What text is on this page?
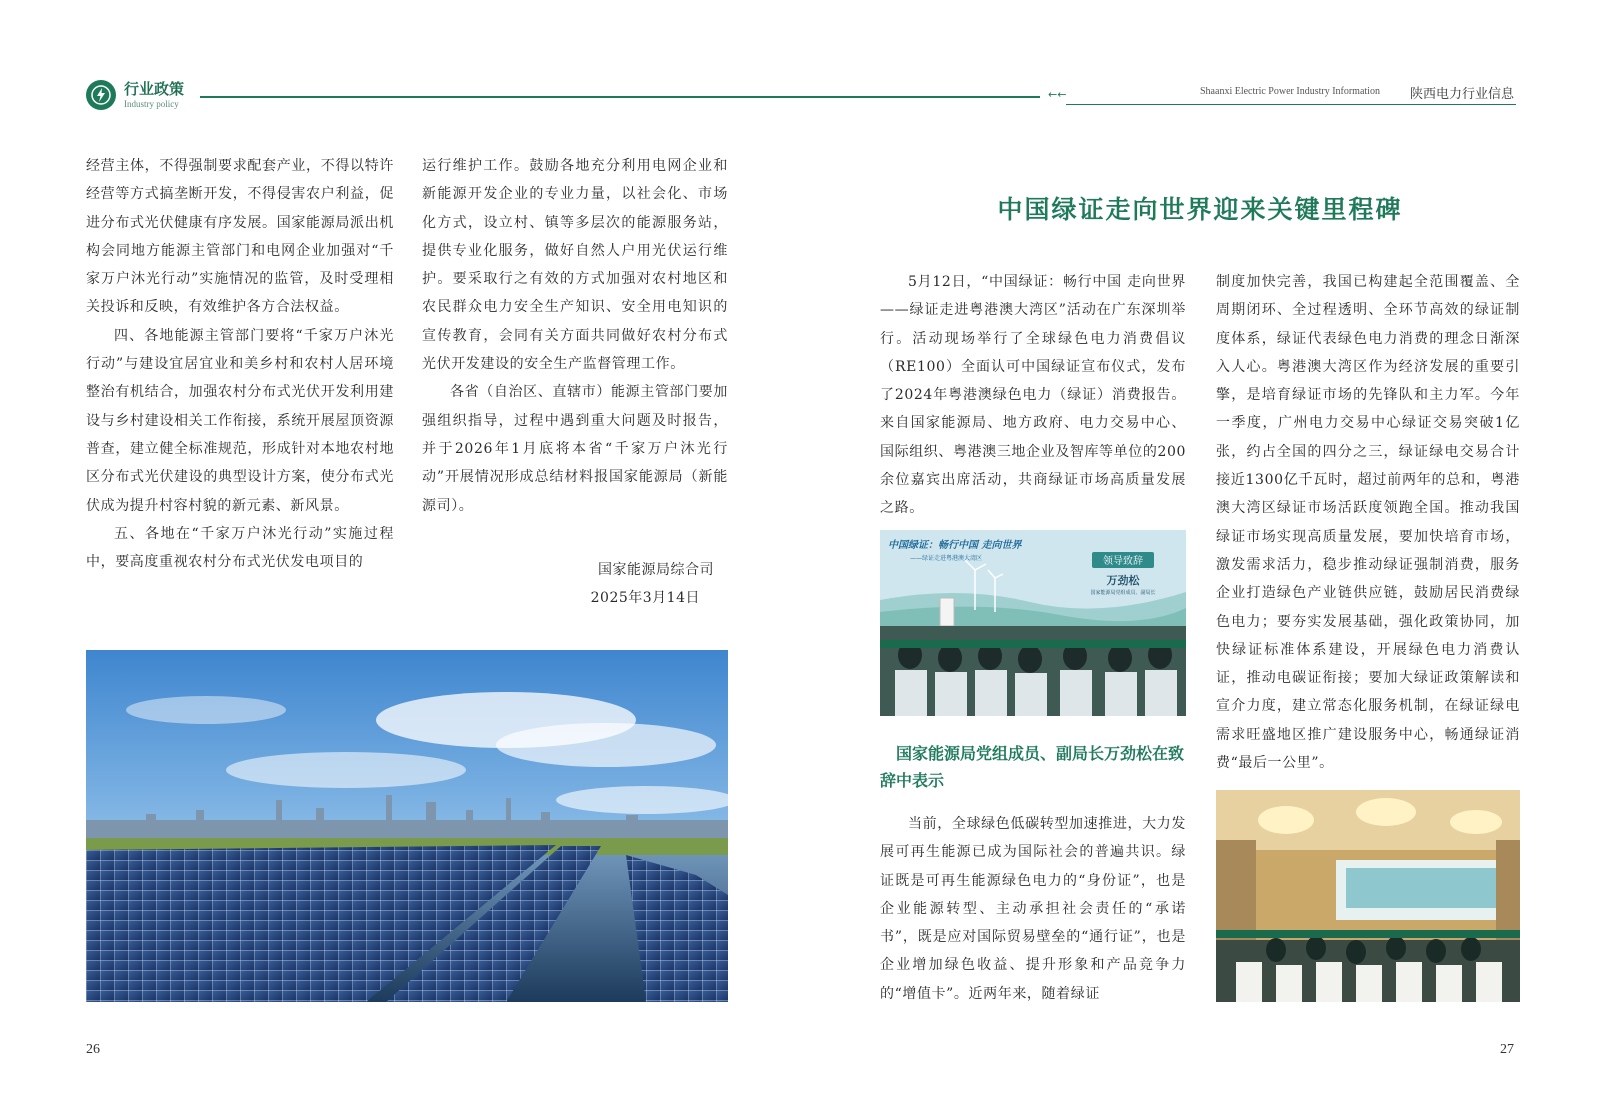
行业政策
Industry policy
←←	Shaanxi Electric Power Industry Information 陕西电力行业信息

经营主体，不得强制要求配套产业，不得以特许经营等方式搞垄断开发，不得侵害农户利益，促进分布式光伏健康有序发展。国家能源局派出机构会同地方能源主管部门和电网企业加强对“千家万户沐光行动”实施情况的监管，及时受理相关投诉和反映，有效维护各方合法权益。

四、各地能源主管部门要将“千家万户沐光行动”与建设宜居宜业和美乡村和农村人居环境整治有机结合，加强农村分布式光伏开发利用建设与乡村建设相关工作衔接，系统开展屋顶资源普查，建立健全标准规范，形成针对本地农村地区分布式光伏建设的典型设计方案，使分布式光伏成为提升村容村貌的新元素、新风景。

五、各地在“千家万户沐光行动”实施过程中，要高度重视农村分布式光伏发电项目的

运行维护工作。鼓励各地充分利用电网企业和新能源开发企业的专业力量，以社会化、市场化方式，设立村、镇等多层次的能源服务站，提供专业化服务，做好自然人户用光伏运行维护。要采取行之有效的方式加强对农村地区和农民群众电力安全生产知识、安全用电知识的宣传教育，会同有关方面共同做好农村分布式光伏开发建设的安全生产监督管理工作。

各省（自治区、直辖市）能源主管部门要加强组织指导，过程中遇到重大问题及时报告，并于2026年1月底将本省“千家万户沐光行动”开展情况形成总结材料报国家能源局（新能源司）。

国家能源局综合司
2025年3月14日
26
中国绿证走向世界迎来关键里程碑

5月12日，“中国绿证：畅行中国 走向世界——绿证走进粤港澳大湾区”活动在广东深圳举行。活动现场举行了全球绿色电力消费倡议（RE100）全面认可中国绿证宣布仪式，发布了2024年粤港澳绿色电力（绿证）消费报告。来自国家能源局、地方政府、电力交易中心、国际组织、粤港澳三地企业及智库等单位的200余位嘉宾出席活动，共商绿证市场高质量发展之路。

中国绿证：畅行中国 走向世界
——绿证走进粤港澳大湾区	领导致辞
万劲松
国家能源局党组成员、副局长
国家能源局党组成员、副局长万劲松在致辞中表示

当前，全球绿色低碳转型加速推进，大力发展可再生能源已成为国际社会的普遍共识。绿证既是可再生能源绿色电力的“身份证”，也是企业能源转型、主动承担社会责任的“承诺书”，既是应对国际贸易壁垒的“通行证”，也是企业增加绿色收益、提升形象和产品竞争力的“增值卡”。近两年来，随着绿证

制度加快完善，我国已构建起全范围覆盖、全周期闭环、全过程透明、全环节高效的绿证制度体系，绿证代表绿色电力消费的理念日渐深入人心。粤港澳大湾区作为经济发展的重要引擎，是培育绿证市场的先锋队和主力军。今年一季度，广州电力交易中心绿证交易突破1亿张，约占全国的四分之三，绿证绿电交易合计接近1300亿千瓦时，超过前两年的总和，粤港澳大湾区绿证市场活跃度领跑全国。推动我国绿证市场实现高质量发展，要加快培育市场，激发需求活力，稳步推动绿证强制消费，服务企业打造绿色产业链供应链，鼓励居民消费绿色电力；要夯实发展基础，强化政策协同，加快绿证标准体系建设，开展绿色电力消费认证，推动电碳证衔接；要加大绿证政策解读和宣介力度，建立常态化服务机制，在绿证绿电需求旺盛地区推广建设服务中心，畅通绿证消费“最后一公里”。

27
